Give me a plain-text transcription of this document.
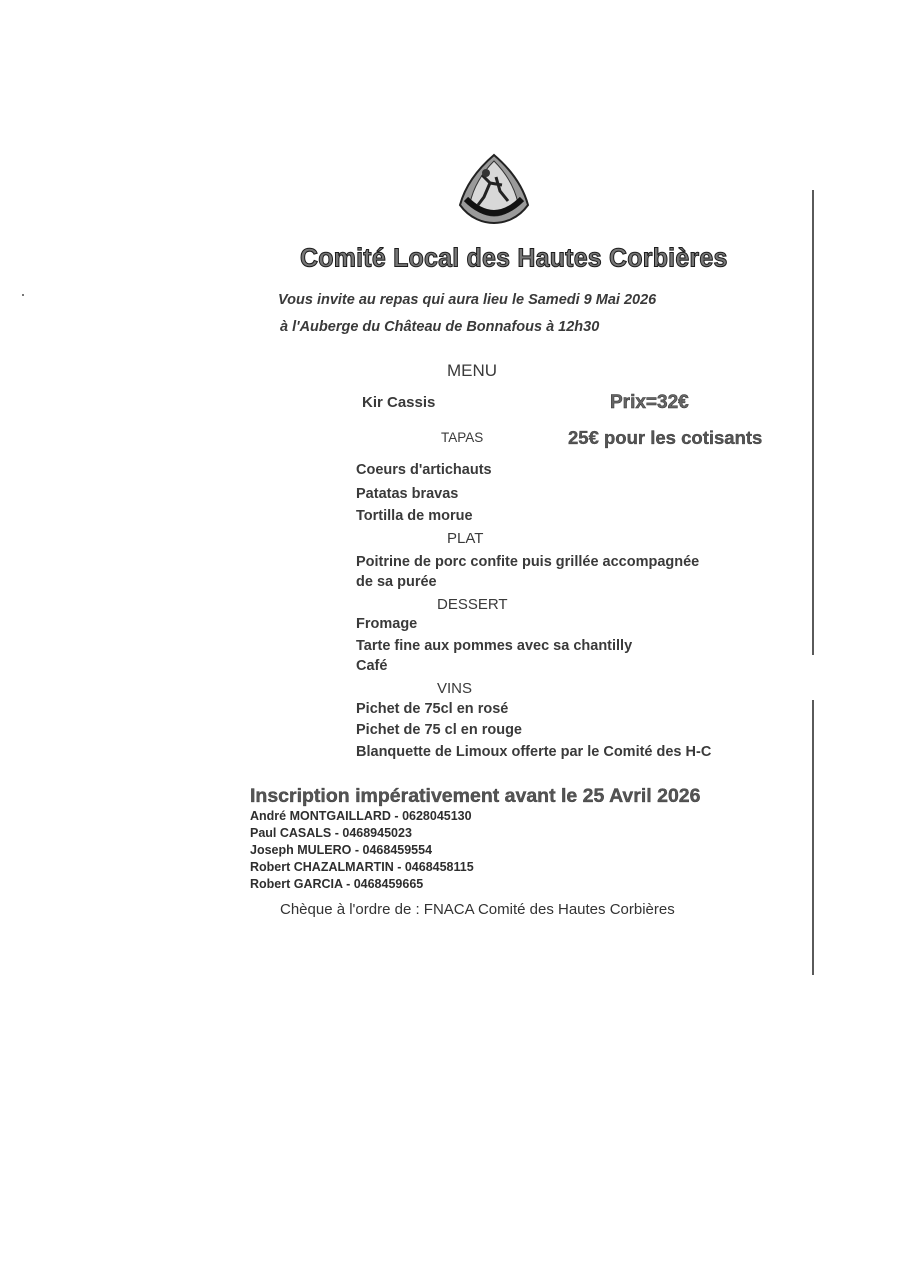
Comité Local des Hautes Corbières
Vous invite au repas qui aura lieu le Samedi 9 Mai 2026
à l'Auberge du Château de Bonnafous à 12h30
MENU
Kir Cassis	Prix=32€
TAPAS	25€ pour les cotisants
Coeurs d'artichauts
Patatas bravas
Tortilla de morue
PLAT
Poitrine de porc confite puis grillée accompagnée
de sa purée
DESSERT
Fromage
Tarte fine aux pommes avec sa chantilly
Café
VINS
Pichet de 75cl en rosé
Pichet de 75 cl en rouge
Blanquette de Limoux offerte par le Comité des H-C
Inscription impérativement avant le 25 Avril 2026
André MONTGAILLARD - 0628045130
Paul CASALS - 0468945023
Joseph MULERO - 0468459554
Robert CHAZALMARTIN - 0468458115
Robert GARCIA - 0468459665
Chèque à l'ordre de : FNACA Comité des Hautes Corbières
